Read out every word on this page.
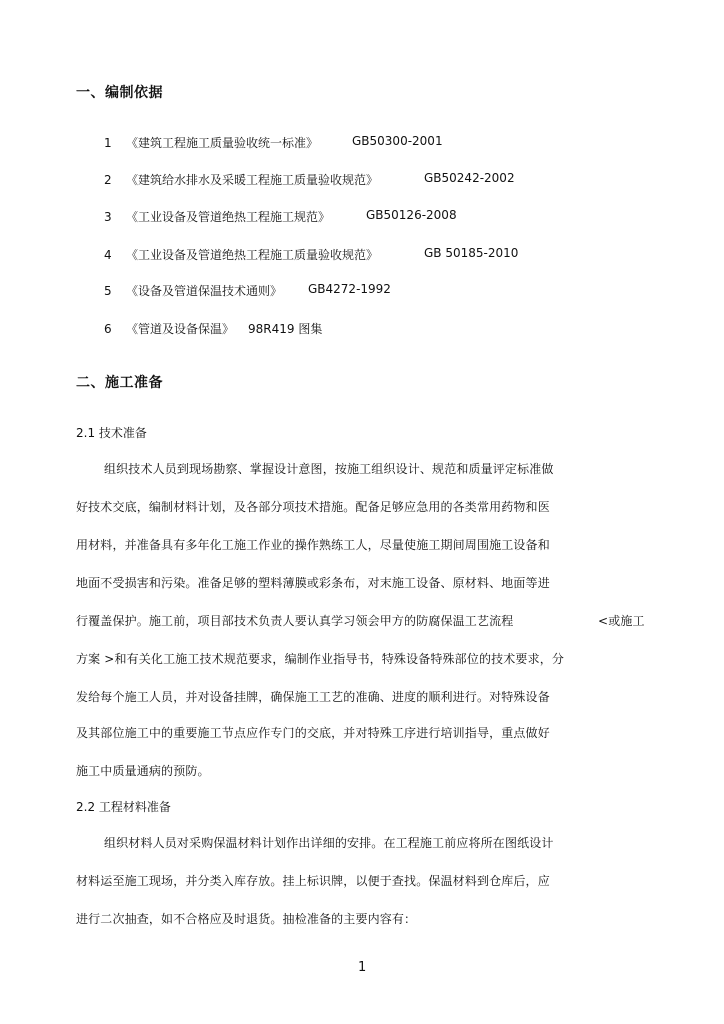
一、编制依据
1 《建筑工程施工质量验收统一标准》	GB50300-2001
2 《建筑给水排水及采暖工程施工质量验收规范》	GB50242-2002
3 《工业设备及管道绝热工程施工规范》	GB50126-2008
4 《工业设备及管道绝热工程施工质量验收规范》	GB 50185-2010
5 《设备及管道保温技术通则》 GB4272-1992
6 《管道及设备保温》 98R419 图集
二、施工准备
2.1 技术准备
组织技术人员到现场勘察、掌握设计意图，按施工组织设计、规范和质量评定标准做
好技术交底，编制材料计划，及各部分项技术措施。配备足够应急用的各类常用药物和医
用材料，并准备具有多年化工施工作业的操作熟练工人，尽量使施工期间周围施工设备和
地面不受损害和污染。准备足够的塑料薄膜或彩条布，对末施工设备、原材料、地面等进
行覆盖保护。施工前，项目部技术负责人要认真学习领会甲方的防腐保温工艺流程	<或施工
方案 >和有关化工施工技术规范要求，编制作业指导书，特殊设备特殊部位的技术要求，分
发给每个施工人员，并对设备挂牌，确保施工工艺的准确、进度的顺利进行。对特殊设备
及其部位施工中的重要施工节点应作专门的交底，并对特殊工序进行培训指导，重点做好
施工中质量通病的预防。
2.2 工程材料准备
组织材料人员对采购保温材料计划作出详细的安排。在工程施工前应将所在图纸设计
材料运至施工现场，并分类入库存放。挂上标识牌，以便于查找。保温材料到仓库后，应
进行二次抽查，如不合格应及时退货。抽检准备的主要内容有：
1
